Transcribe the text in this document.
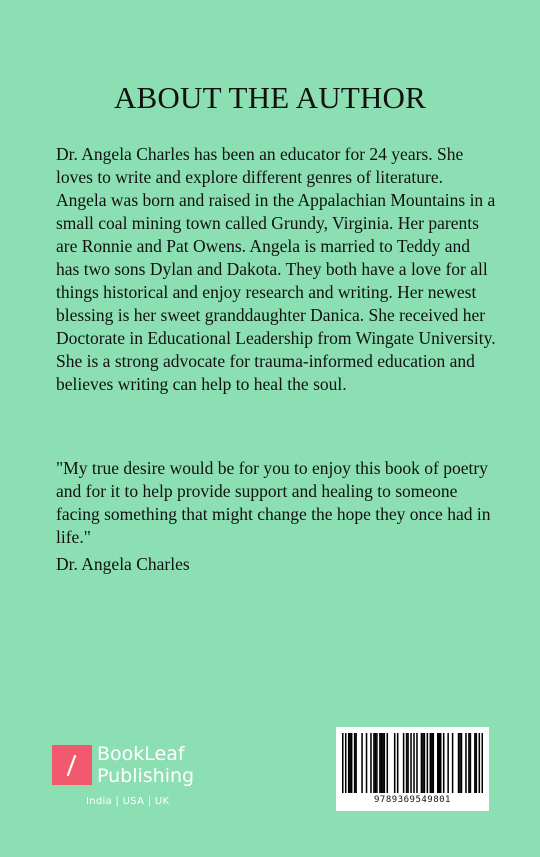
ABOUT THE AUTHOR

Dr. Angela Charles has been an educator for 24 years. She loves to write and explore different genres of literature. Angela was born and raised in the Appalachian Mountains in a small coal mining town called Grundy, Virginia. Her parents are Ronnie and Pat Owens. Angela is married to Teddy and has two sons Dylan and Dakota. They both have a love for all things historical and enjoy research and writing. Her newest blessing is her sweet granddaughter Danica. She received her Doctorate in Educational Leadership from Wingate University. She is a strong advocate for trauma-informed education and believes writing can help to heal the soul.

"My true desire would be for you to enjoy this book of poetry and for it to help provide support and healing to someone facing something that might change the hope they once had in life."

Dr. Angela Charles
BookLeaf
Publishing
India | USA | UK	9789369549801
